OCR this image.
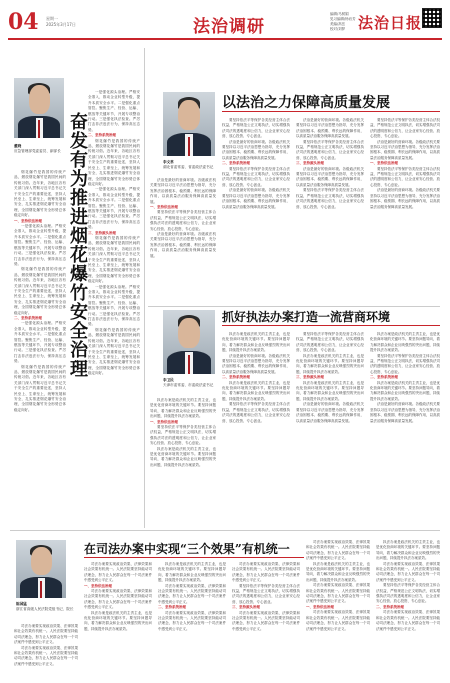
04 星期一
2025年3月17日	法治调研
编辑/马树娟
见习编辑/杨岩芳
美编/高岳
校对/刘梦 法治日报
董晓
应急管理部党委委员、副部长 奋发有为推进烟花爆竹安全治理

烟花爆竹是我国的传统产品，燃放烟花爆竹是我国民间的传统习俗。近年来，各地区各有关部门深入贯彻习近平总书记关于安全生产的重要论述，坚持人民至上、生命至上，统筹发展和安全，扎实推进烟花爆竹安全治理，全国烟花爆竹安全形势总体稳定向好。

一、坚持依法治理

一是强化源头治理。严格安全准入，推动企业转型升级，提升本质安全水平。二是强化重点管控。聚焦生产、经营、运输、燃放等关键环节，开展专项整治行动。三是强化执法检查。严厉打击非法违法行为，保持高压态势。

烟花爆竹是我国的传统产品，燃放烟花爆竹是我国民间的传统习俗。近年来，各地区各有关部门深入贯彻习近平总书记关于安全生产的重要论述，坚持人民至上、生命至上，统筹发展和安全，扎实推进烟花爆竹安全治理，全国烟花爆竹安全形势总体稳定向好。

二、坚持系统治理

一是强化源头治理。严格安全准入，推动企业转型升级，提升本质安全水平。二是强化重点管控。聚焦生产、经营、运输、燃放等关键环节，开展专项整治行动。三是强化执法检查。严厉打击非法违法行为，保持高压态势。

烟花爆竹是我国的传统产品，燃放烟花爆竹是我国民间的传统习俗。近年来，各地区各有关部门深入贯彻习近平总书记关于安全生产的重要论述，坚持人民至上、生命至上，统筹发展和安全，扎实推进烟花爆竹安全治理，全国烟花爆竹安全形势总体稳定向好。

一是强化源头治理。严格安全准入，推动企业转型升级，提升本质安全水平。二是强化重点管控。聚焦生产、经营、运输、燃放等关键环节，开展专项整治行动。三是强化执法检查。严厉打击非法违法行为，保持高压态势。

二、坚持系统治理

烟花爆竹是我国的传统产品，燃放烟花爆竹是我国民间的传统习俗。近年来，各地区各有关部门深入贯彻习近平总书记关于安全生产的重要论述，坚持人民至上、生命至上，统筹发展和安全，扎实推进烟花爆竹安全治理，全国烟花爆竹安全形势总体稳定向好。

一是强化源头治理。严格安全准入，推动企业转型升级，提升本质安全水平。二是强化重点管控。聚焦生产、经营、运输、燃放等关键环节，开展专项整治行动。三是强化执法检查。严厉打击非法违法行为，保持高压态势。

三、坚持源头治理

烟花爆竹是我国的传统产品，燃放烟花爆竹是我国民间的传统习俗。近年来，各地区各有关部门深入贯彻习近平总书记关于安全生产的重要论述，坚持人民至上、生命至上，统筹发展和安全，扎实推进烟花爆竹安全治理，全国烟花爆竹安全形势总体稳定向好。

一是强化源头治理。严格安全准入，推动企业转型升级，提升本质安全水平。二是强化重点管控。聚焦生产、经营、运输、燃放等关键环节，开展专项整治行动。三是强化执法检查。严厉打击非法违法行为，保持高压态势。

烟花爆竹是我国的传统产品，燃放烟花爆竹是我国民间的传统习俗。近年来，各地区各有关部门深入贯彻习近平总书记关于安全生产的重要论述，坚持人民至上、生命至上，统筹发展和安全，扎实推进烟花爆竹安全治理，全国烟花爆竹安全形势总体稳定向好。

以法治之力保障高质量发展
李文革
湖北省委常委、省委政法委书记

法治是最好的营商环境。各级政法机关要坚持以习近平法治思想为指导，充分发挥法治固根本、稳预期、利长远的保障作用，以高质量法治服务保障高质量发展。

一、坚持依法治理

要坚持依法平等保护各类经营主体合法权益，严格规范公正文明执法，切实增强执法司法的透明度和公信力，让企业家安心经营、放心投资、专心创业。

法治是最好的营商环境。各级政法机关要坚持以习近平法治思想为指导，充分发挥法治固根本、稳预期、利长远的保障作用，以高质量法治服务保障高质量发展。

要坚持依法平等保护各类经营主体合法权益，严格规范公正文明执法，切实增强执法司法的透明度和公信力，让企业家安心经营、放心投资、专心创业。

法治是最好的营商环境。各级政法机关要坚持以习近平法治思想为指导，充分发挥法治固根本、稳预期、利长远的保障作用，以高质量法治服务保障高质量发展。

二、坚持系统治理

要坚持依法平等保护各类经营主体合法权益，严格规范公正文明执法，切实增强执法司法的透明度和公信力，让企业家安心经营、放心投资、专心创业。

法治是最好的营商环境。各级政法机关要坚持以习近平法治思想为指导，充分发挥法治固根本、稳预期、利长远的保障作用，以高质量法治服务保障高质量发展。

法治是最好的营商环境。各级政法机关要坚持以习近平法治思想为指导，充分发挥法治固根本、稳预期、利长远的保障作用，以高质量法治服务保障高质量发展。

要坚持依法平等保护各类经营主体合法权益，严格规范公正文明执法，切实增强执法司法的透明度和公信力，让企业家安心经营、放心投资、专心创业。

三、坚持源头治理

法治是最好的营商环境。各级政法机关要坚持以习近平法治思想为指导，充分发挥法治固根本、稳预期、利长远的保障作用，以高质量法治服务保障高质量发展。

要坚持依法平等保护各类经营主体合法权益，严格规范公正文明执法，切实增强执法司法的透明度和公信力，让企业家安心经营、放心投资、专心创业。

要坚持依法平等保护各类经营主体合法权益，严格规范公正文明执法，切实增强执法司法的透明度和公信力，让企业家安心经营、放心投资、专心创业。

法治是最好的营商环境。各级政法机关要坚持以习近平法治思想为指导，充分发挥法治固根本、稳预期、利长远的保障作用，以高质量法治服务保障高质量发展。

一、坚持依法治理

要坚持依法平等保护各类经营主体合法权益，严格规范公正文明执法，切实增强执法司法的透明度和公信力，让企业家安心经营、放心投资、专心创业。

法治是最好的营商环境。各级政法机关要坚持以习近平法治思想为指导，充分发挥法治固根本、稳预期、利长远的保障作用，以高质量法治服务保障高质量发展。

抓好执法办案打造一流营商环境
李卫民
天津市委常委、市委政法委书记

执法办案是政法机关的主责主业，也是优化营商环境的关键环节。要坚持问题导向，着力解决群众和企业反映强烈的突出问题，持续提升执法办案质效。

一、坚持依法治理

要坚持依法平等保护各类经营主体合法权益，严格规范公正文明执法，切实增强执法司法的透明度和公信力，让企业家安心经营、放心投资、专心创业。

执法办案是政法机关的主责主业，也是优化营商环境的关键环节。要坚持问题导向，着力解决群众和企业反映强烈的突出问题，持续提升执法办案质效。

执法办案是政法机关的主责主业，也是优化营商环境的关键环节。要坚持问题导向，着力解决群众和企业反映强烈的突出问题，持续提升执法办案质效。

法治是最好的营商环境。各级政法机关要坚持以习近平法治思想为指导，充分发挥法治固根本、稳预期、利长远的保障作用，以高质量法治服务保障高质量发展。

二、坚持系统治理

执法办案是政法机关的主责主业，也是优化营商环境的关键环节。要坚持问题导向，着力解决群众和企业反映强烈的突出问题，持续提升执法办案质效。

要坚持依法平等保护各类经营主体合法权益，严格规范公正文明执法，切实增强执法司法的透明度和公信力，让企业家安心经营、放心投资、专心创业。

要坚持依法平等保护各类经营主体合法权益，严格规范公正文明执法，切实增强执法司法的透明度和公信力，让企业家安心经营、放心投资、专心创业。

执法办案是政法机关的主责主业，也是优化营商环境的关键环节。要坚持问题导向，着力解决群众和企业反映强烈的突出问题，持续提升执法办案质效。

三、坚持源头治理

执法办案是政法机关的主责主业，也是优化营商环境的关键环节。要坚持问题导向，着力解决群众和企业反映强烈的突出问题，持续提升执法办案质效。

法治是最好的营商环境。各级政法机关要坚持以习近平法治思想为指导，充分发挥法治固根本、稳预期、利长远的保障作用，以高质量法治服务保障高质量发展。

执法办案是政法机关的主责主业，也是优化营商环境的关键环节。要坚持问题导向，着力解决群众和企业反映强烈的突出问题，持续提升执法办案质效。

要坚持依法平等保护各类经营主体合法权益，严格规范公正文明执法，切实增强执法司法的透明度和公信力，让企业家安心经营、放心投资、专心创业。

二、坚持系统治理

执法办案是政法机关的主责主业，也是优化营商环境的关键环节。要坚持问题导向，着力解决群众和企业反映强烈的突出问题，持续提升执法办案质效。

法治是最好的营商环境。各级政法机关要坚持以习近平法治思想为指导，充分发挥法治固根本、稳预期、利长远的保障作用，以高质量法治服务保障高质量发展。

在司法办案中实现“三个效果”有机统一
陈国猛
浙江省高级人民法院党组书记、院长

司法办案要实现政治效果、法律效果和社会效果有机统一。人民法院要坚持能动司法理念，努力让人民群众在每一个司法案件中感受到公平正义。

司法办案要实现政治效果、法律效果和社会效果有机统一。人民法院要坚持能动司法理念，努力让人民群众在每一个司法案件中感受到公平正义。

司法办案要实现政治效果、法律效果和社会效果有机统一。人民法院要坚持能动司法理念，努力让人民群众在每一个司法案件中感受到公平正义。

一、坚持依法治理

司法办案要实现政治效果、法律效果和社会效果有机统一。人民法院要坚持能动司法理念，努力让人民群众在每一个司法案件中感受到公平正义。

执法办案是政法机关的主责主业，也是优化营商环境的关键环节。要坚持问题导向，着力解决群众和企业反映强烈的突出问题，持续提升执法办案质效。

执法办案是政法机关的主责主业，也是优化营商环境的关键环节。要坚持问题导向，着力解决群众和企业反映强烈的突出问题，持续提升执法办案质效。

司法办案要实现政治效果、法律效果和社会效果有机统一。人民法院要坚持能动司法理念，努力让人民群众在每一个司法案件中感受到公平正义。

二、坚持系统治理

司法办案要实现政治效果、法律效果和社会效果有机统一。人民法院要坚持能动司法理念，努力让人民群众在每一个司法案件中感受到公平正义。

司法办案要实现政治效果、法律效果和社会效果有机统一。人民法院要坚持能动司法理念，努力让人民群众在每一个司法案件中感受到公平正义。

要坚持依法平等保护各类经营主体合法权益，严格规范公正文明执法，切实增强执法司法的透明度和公信力，让企业家安心经营、放心投资、专心创业。

三、坚持源头治理

司法办案要实现政治效果、法律效果和社会效果有机统一。人民法院要坚持能动司法理念，努力让人民群众在每一个司法案件中感受到公平正义。

司法办案要实现政治效果、法律效果和社会效果有机统一。人民法院要坚持能动司法理念，努力让人民群众在每一个司法案件中感受到公平正义。

执法办案是政法机关的主责主业，也是优化营商环境的关键环节。要坚持问题导向，着力解决群众和企业反映强烈的突出问题，持续提升执法办案质效。

司法办案要实现政治效果、法律效果和社会效果有机统一。人民法院要坚持能动司法理念，努力让人民群众在每一个司法案件中感受到公平正义。

一、坚持依法治理

司法办案要实现政治效果、法律效果和社会效果有机统一。人民法院要坚持能动司法理念，努力让人民群众在每一个司法案件中感受到公平正义。

执法办案是政法机关的主责主业，也是优化营商环境的关键环节。要坚持问题导向，着力解决群众和企业反映强烈的突出问题，持续提升执法办案质效。

司法办案要实现政治效果、法律效果和社会效果有机统一。人民法院要坚持能动司法理念，努力让人民群众在每一个司法案件中感受到公平正义。

要坚持依法平等保护各类经营主体合法权益，严格规范公正文明执法，切实增强执法司法的透明度和公信力，让企业家安心经营、放心投资、专心创业。

二、坚持系统治理

司法办案要实现政治效果、法律效果和社会效果有机统一。人民法院要坚持能动司法理念，努力让人民群众在每一个司法案件中感受到公平正义。
